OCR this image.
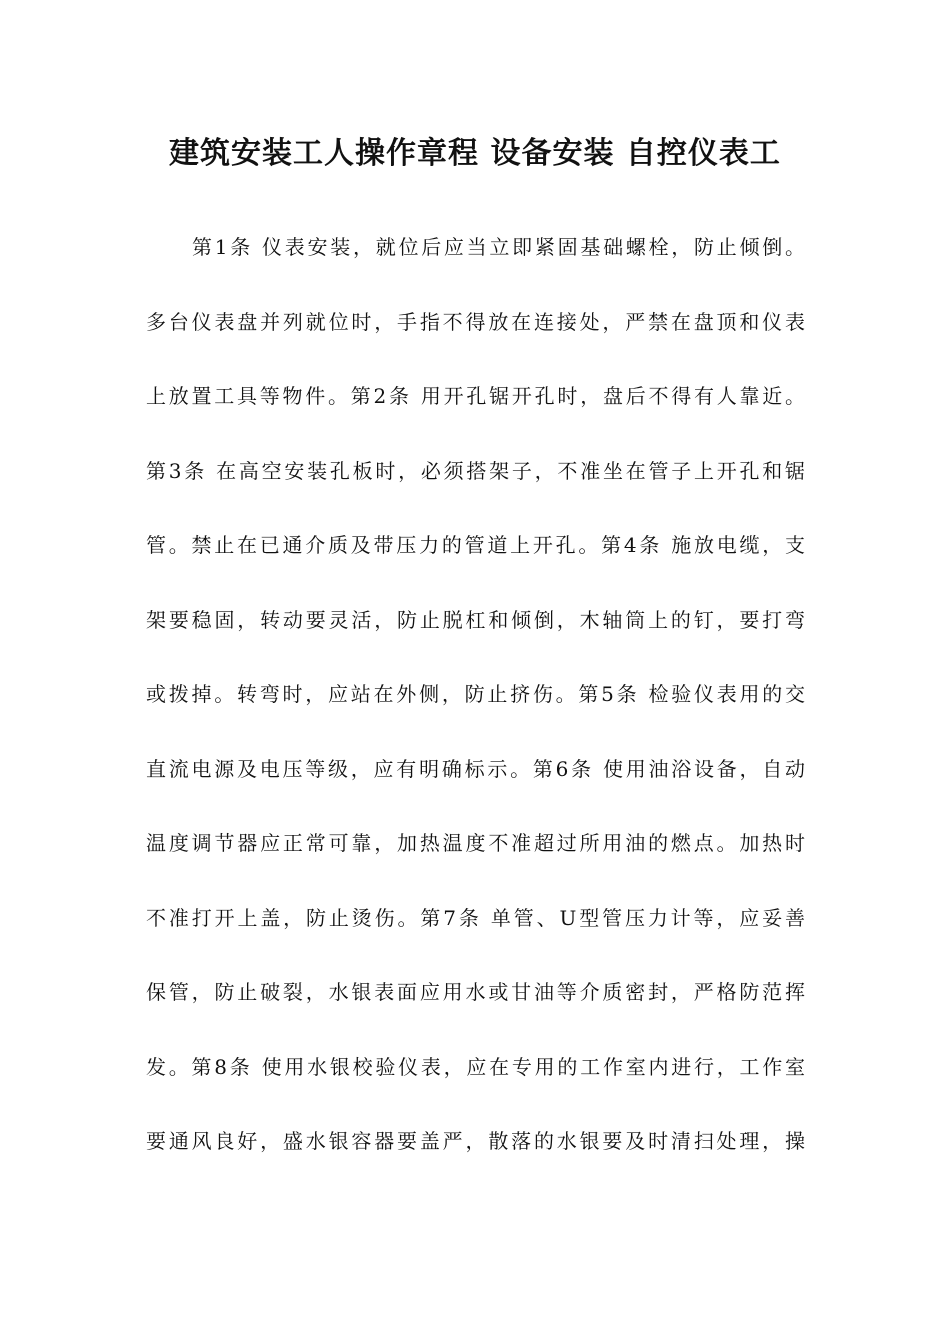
建筑安装工人操作章程 设备安装 自控仪表工
第1条 仪表安装，就位后应当立即紧固基础螺栓，防止倾倒。
多台仪表盘并列就位时，手指不得放在连接处，严禁在盘顶和仪表
上放置工具等物件。第2条 用开孔锯开孔时，盘后不得有人靠近。
第3条 在高空安装孔板时，必须搭架子，不准坐在管子上开孔和锯
管。禁止在已通介质及带压力的管道上开孔。第4条 施放电缆，支
架要稳固，转动要灵活，防止脱杠和倾倒，木轴筒上的钉，要打弯
或拨掉。转弯时，应站在外侧，防止挤伤。第5条 检验仪表用的交
直流电源及电压等级，应有明确标示。第6条 使用油浴设备，自动
温度调节器应正常可靠，加热温度不准超过所用油的燃点。加热时
不准打开上盖，防止烫伤。第7条 单管、U型管压力计等，应妥善
保管，防止破裂，水银表面应用水或甘油等介质密封，严格防范挥
发。第8条 使用水银校验仪表，应在专用的工作室内进行，工作室
要通风良好，盛水银容器要盖严，散落的水银要及时清扫处理，操
